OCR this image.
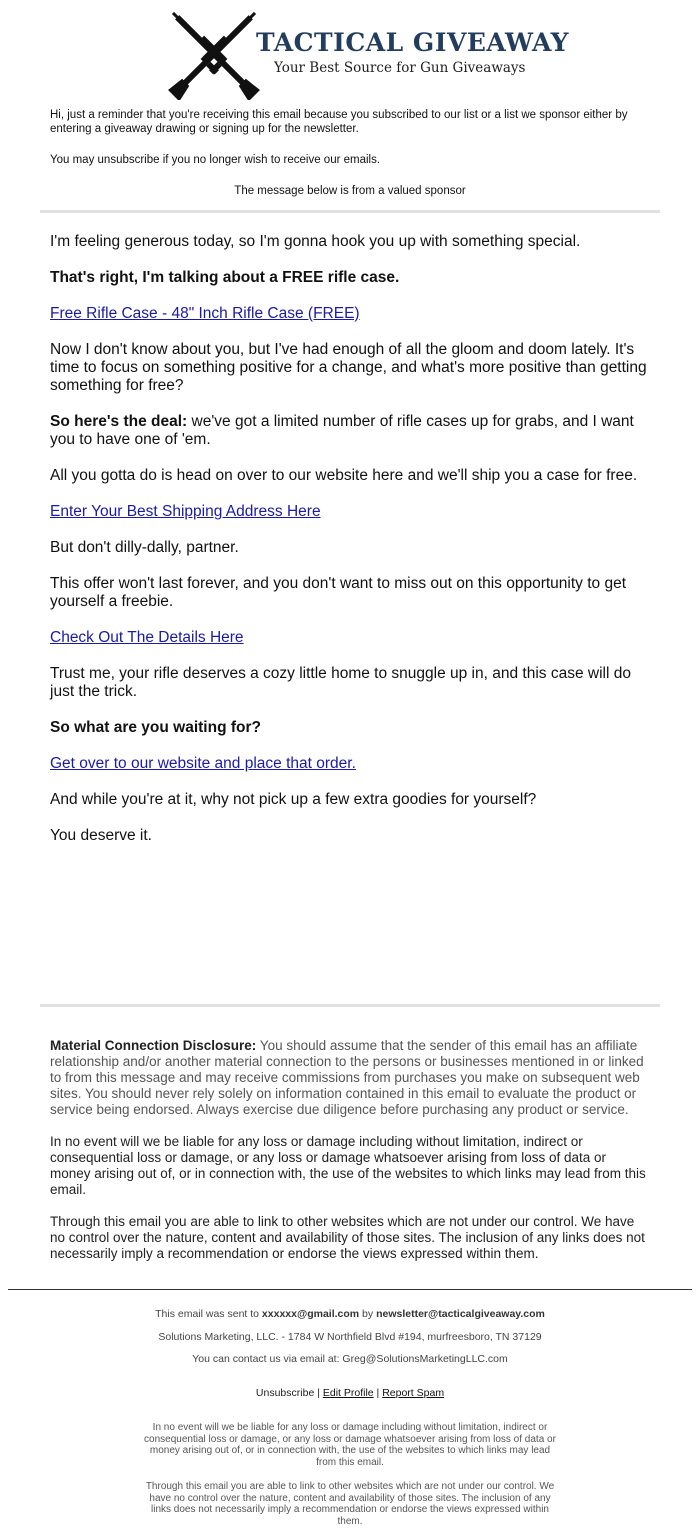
TACTICAL GIVEAWAY
Your Best Source for Gun Giveaways

Hi, just a reminder that you're receiving this email because you subscribed to our list or a list we sponsor either by entering a giveaway drawing or signing up for the newsletter.

You may unsubscribe if you no longer wish to receive our emails.

The message below is from a valued sponsor

I'm feeling generous today, so I'm gonna hook you up with something special.

That's right, I'm talking about a FREE rifle case.

Free Rifle Case - 48" Inch Rifle Case (FREE)

Now I don't know about you, but I've had enough of all the gloom and doom lately. It's time to focus on something positive for a change, and what's more positive than getting something for free?

So here's the deal: we've got a limited number of rifle cases up for grabs, and I want you to have one of 'em.

All you gotta do is head on over to our website here and we'll ship you a case for free.

Enter Your Best Shipping Address Here

But don't dilly-dally, partner.

This offer won't last forever, and you don't want to miss out on this opportunity to get yourself a freebie.

Check Out The Details Here

Trust me, your rifle deserves a cozy little home to snuggle up in, and this case will do just the trick.

So what are you waiting for?

Get over to our website and place that order.

And while you're at it, why not pick up a few extra goodies for yourself?

You deserve it.

Material Connection Disclosure: You should assume that the sender of this email has an affiliate relationship and/or another material connection to the persons or businesses mentioned in or linked to from this message and may receive commissions from purchases you make on subsequent web sites. You should never rely solely on information contained in this email to evaluate the product or service being endorsed. Always exercise due diligence before purchasing any product or service.

In no event will we be liable for any loss or damage including without limitation, indirect or consequential loss or damage, or any loss or damage whatsoever arising from loss of data or money arising out of, or in connection with, the use of the websites to which links may lead from this email.

Through this email you are able to link to other websites which are not under our control. We have no control over the nature, content and availability of those sites. The inclusion of any links does not necessarily imply a recommendation or endorse the views expressed within them.

This email was sent to xxxxxx@gmail.com by newsletter@tacticalgiveaway.com

Solutions Marketing, LLC. - 1784 W Northfield Blvd #194, murfreesboro, TN 37129

You can contact us via email at: Greg@SolutionsMarketingLLC.com

Unsubscribe | Edit Profile | Report Spam

In no event will we be liable for any loss or damage including without limitation, indirect or consequential loss or damage, or any loss or damage whatsoever arising from loss of data or money arising out of, or in connection with, the use of the websites to which links may lead from this email.

Through this email you are able to link to other websites which are not under our control. We have no control over the nature, content and availability of those sites. The inclusion of any links does not necessarily imply a recommendation or endorse the views expressed within them.
